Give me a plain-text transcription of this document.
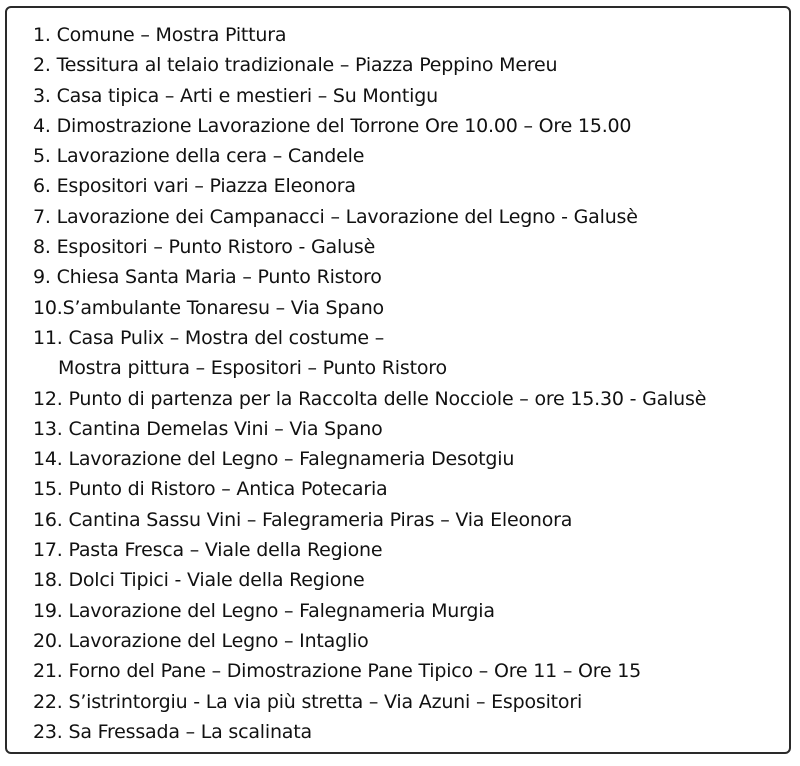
1. Comune – Mostra Pittura
2. Tessitura al telaio tradizionale – Piazza Peppino Mereu
3. Casa tipica – Arti e mestieri – Su Montigu
4. Dimostrazione Lavorazione del Torrone Ore 10.00 – Ore 15.00
5. Lavorazione della cera – Candele
6. Espositori vari – Piazza Eleonora
7. Lavorazione dei Campanacci – Lavorazione del Legno - Galusè
8. Espositori – Punto Ristoro - Galusè
9. Chiesa Santa Maria – Punto Ristoro
10.S’ambulante Tonaresu – Via Spano
11. Casa Pulix – Mostra del costume –
Mostra pittura – Espositori – Punto Ristoro
12. Punto di partenza per la Raccolta delle Nocciole – ore 15.30 - Galusè
13. Cantina Demelas Vini – Via Spano
14. Lavorazione del Legno – Falegnameria Desotgiu
15. Punto di Ristoro – Antica Potecaria
16. Cantina Sassu Vini – Falegrameria Piras – Via Eleonora
17. Pasta Fresca – Viale della Regione
18. Dolci Tipici - Viale della Regione
19. Lavorazione del Legno – Falegnameria Murgia
20. Lavorazione del Legno – Intaglio
21. Forno del Pane – Dimostrazione Pane Tipico – Ore 11 – Ore 15
22. S’istrintorgiu - La via più stretta – Via Azuni – Espositori
23. Sa Fressada – La scalinata
